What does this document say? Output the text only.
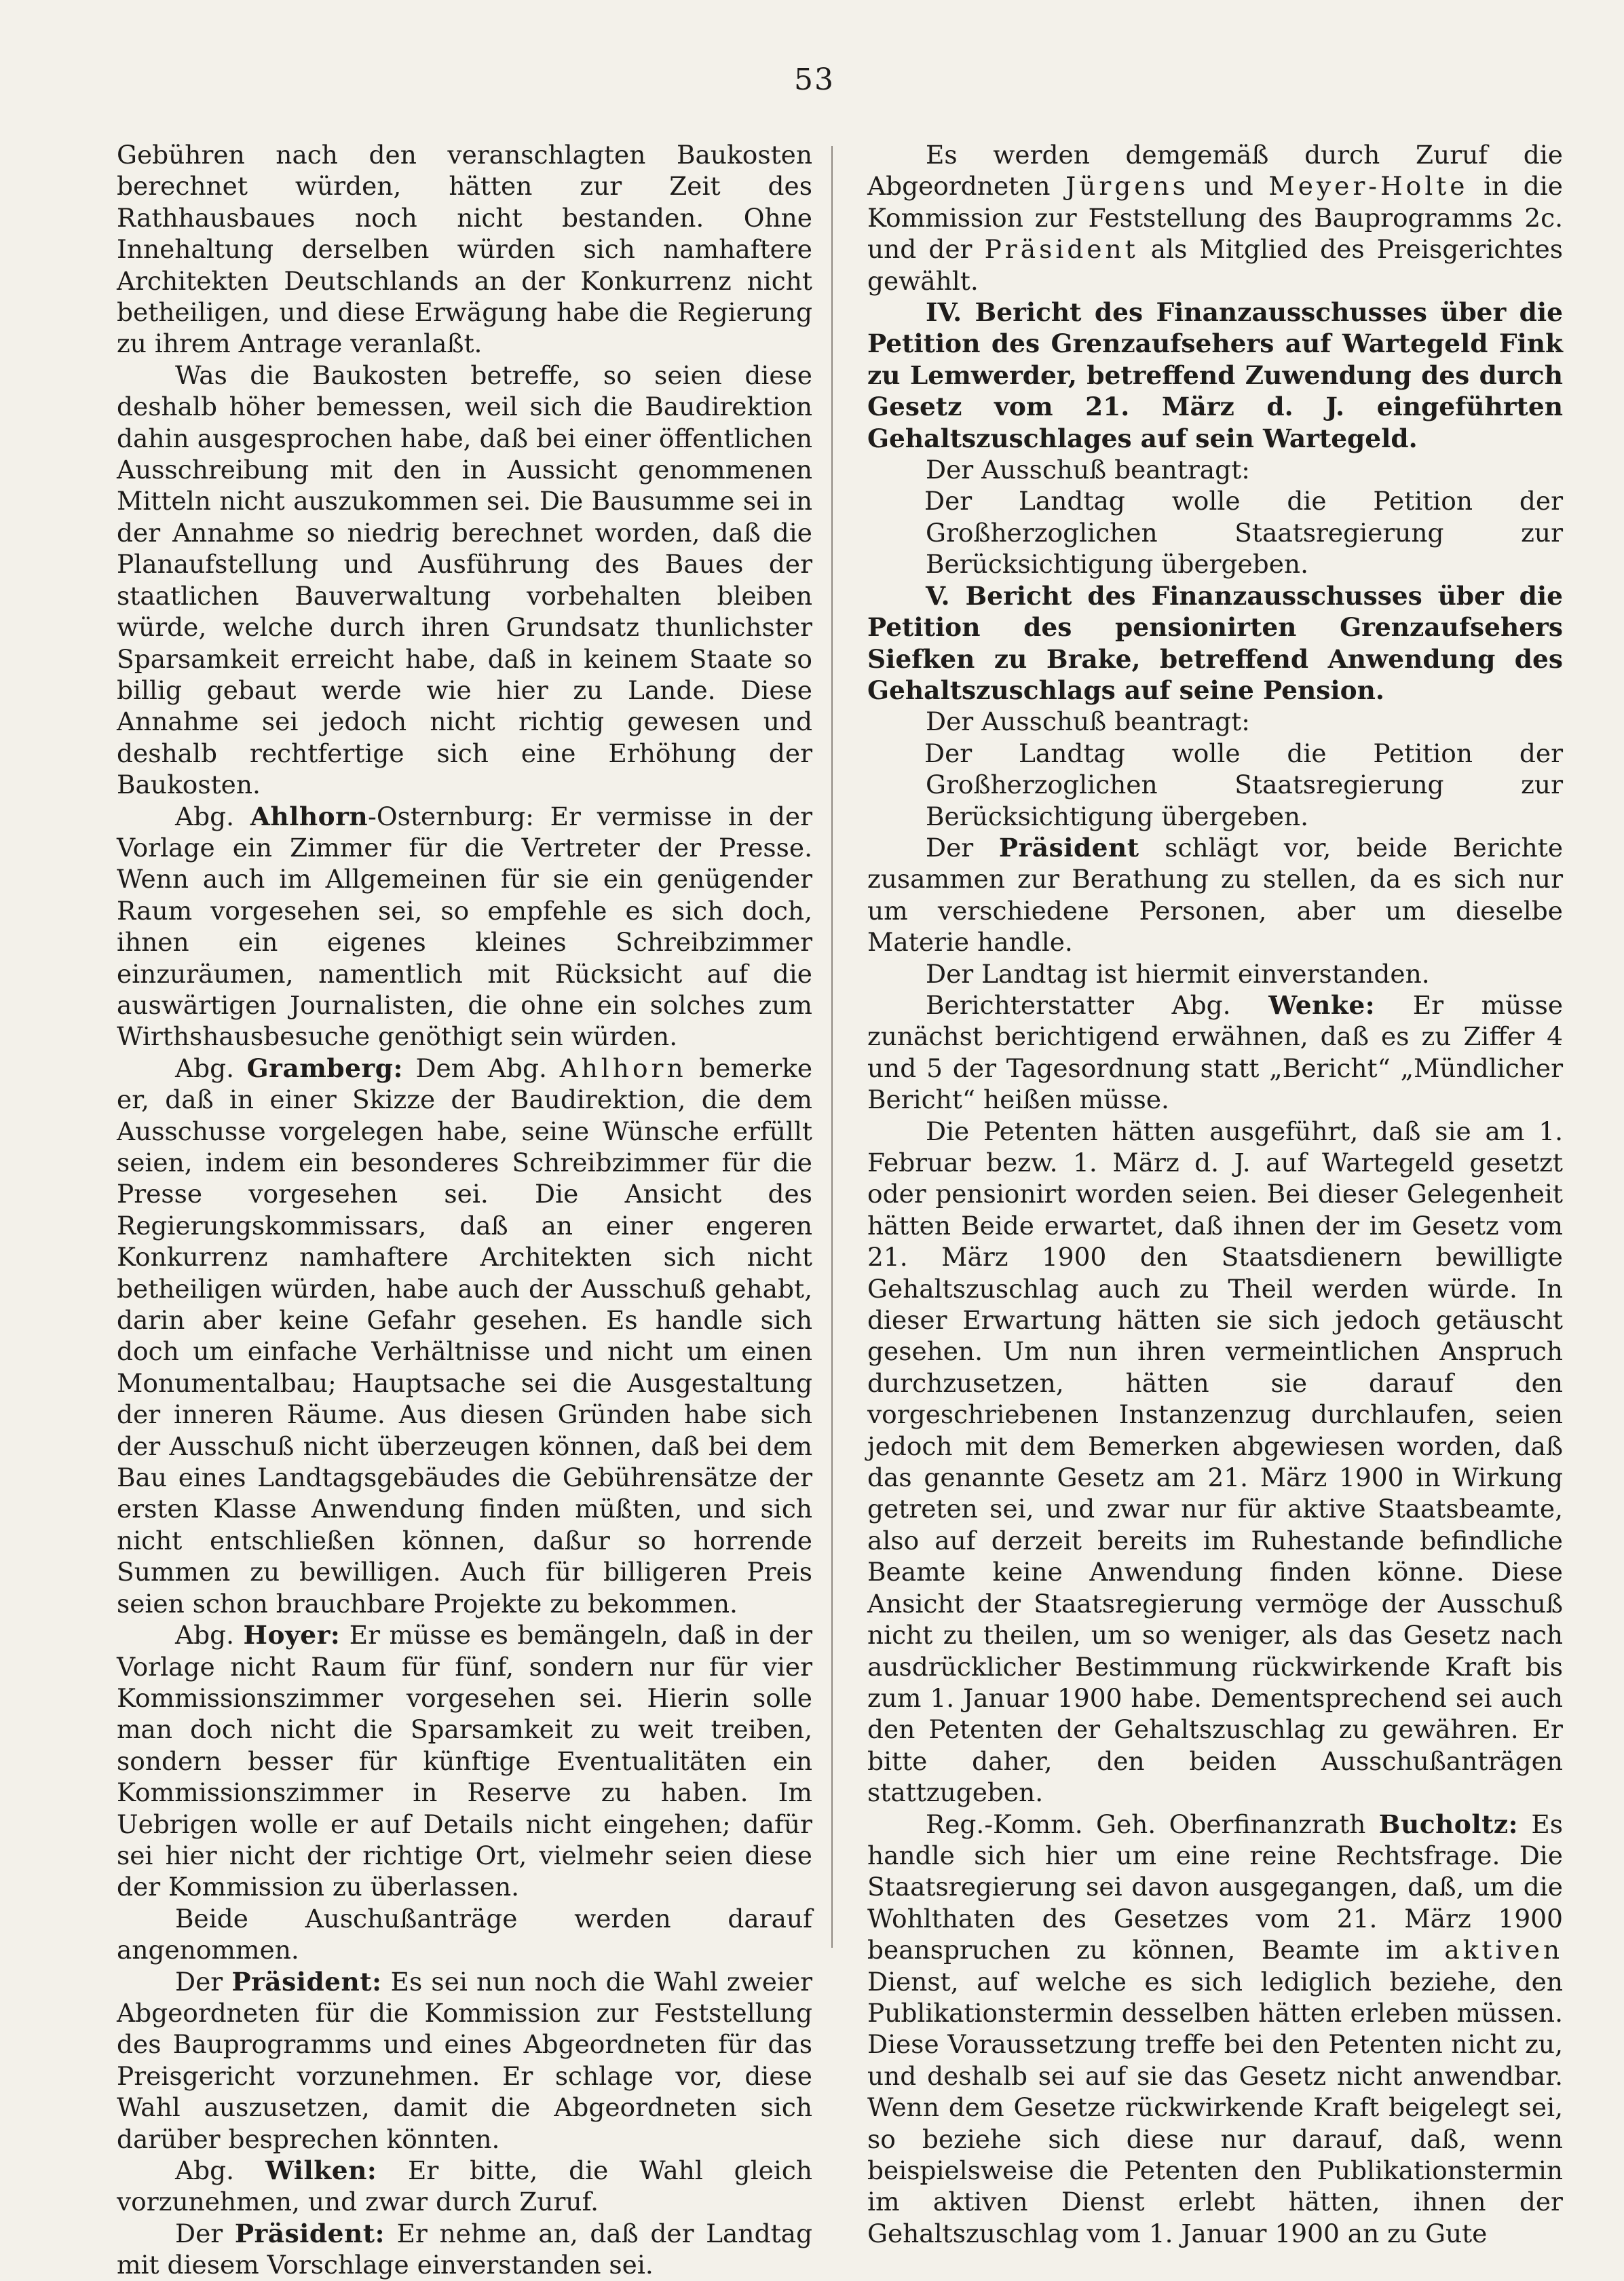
53

Gebühren nach den veranschlagten Baukosten berechnet würden, hätten zur Zeit des Rathhausbaues noch nicht bestanden. Ohne Innehaltung derselben würden sich namhaftere Architekten Deutschlands an der Konkurrenz nicht betheiligen, und diese Erwägung habe die Regierung zu ihrem Antrage veranlaßt.

Was die Baukosten betreffe, so seien diese deshalb höher bemessen, weil sich die Baudirektion dahin ausgesprochen habe, daß bei einer öffentlichen Ausschreibung mit den in Aussicht genommenen Mitteln nicht auszukommen sei. Die Bausumme sei in der Annahme so niedrig berechnet worden, daß die Planaufstellung und Ausführung des Baues der staatlichen Bauverwaltung vorbehalten bleiben würde, welche durch ihren Grundsatz thunlichster Sparsamkeit erreicht habe, daß in keinem Staate so billig gebaut werde wie hier zu Lande. Diese Annahme sei jedoch nicht richtig gewesen und deshalb rechtfertige sich eine Erhöhung der Baukosten.

Abg. Ahlhorn-Osternburg: Er vermisse in der Vorlage ein Zimmer für die Vertreter der Presse. Wenn auch im Allgemeinen für sie ein genügender Raum vorgesehen sei, so empfehle es sich doch, ihnen ein eigenes kleines Schreibzimmer einzuräumen, namentlich mit Rücksicht auf die auswärtigen Journalisten, die ohne ein solches zum Wirthshausbesuche genöthigt sein würden.

Abg. Gramberg: Dem Abg. Ahlhorn bemerke er, daß in einer Skizze der Baudirektion, die dem Ausschusse vorgelegen habe, seine Wünsche erfüllt seien, indem ein besonderes Schreibzimmer für die Presse vorgesehen sei. Die Ansicht des Regierungskommissars, daß an einer engeren Konkurrenz namhaftere Architekten sich nicht betheiligen würden, habe auch der Ausschuß gehabt, darin aber keine Gefahr gesehen. Es handle sich doch um einfache Verhältnisse und nicht um einen Monumentalbau; Hauptsache sei die Ausgestaltung der inneren Räume. Aus diesen Gründen habe sich der Ausschuß nicht überzeugen können, daß bei dem Bau eines Landtagsgebäudes die Gebührensätze der ersten Klasse Anwendung finden müßten, und sich nicht entschließen können, daßur so horrende Summen zu bewilligen. Auch für billigeren Preis seien schon brauchbare Projekte zu bekommen.

Abg. Hoyer: Er müsse es bemängeln, daß in der Vorlage nicht Raum für fünf, sondern nur für vier Kommissionszimmer vorgesehen sei. Hierin solle man doch nicht die Sparsamkeit zu weit treiben, sondern besser für künftige Eventualitäten ein Kommissionszimmer in Reserve zu haben. Im Uebrigen wolle er auf Details nicht eingehen; dafür sei hier nicht der richtige Ort, vielmehr seien diese der Kommission zu überlassen.

Beide Auschußanträge werden darauf angenommen.

Der Präsident: Es sei nun noch die Wahl zweier Abgeordneten für die Kommission zur Feststellung des Bauprogramms und eines Abgeordneten für das Preisgericht vorzunehmen. Er schlage vor, diese Wahl auszusetzen, damit die Abgeordneten sich darüber besprechen könnten.

Abg. Wilken: Er bitte, die Wahl gleich vorzunehmen, und zwar durch Zuruf.

Der Präsident: Er nehme an, daß der Landtag mit diesem Vorschlage einverstanden sei.

Es werden demgemäß durch Zuruf die Abgeordneten Jürgens und Meyer-Holte in die Kommission zur Feststellung des Bauprogramms 2c. und der Präsident als Mitglied des Preisgerichtes gewählt.

IV. Bericht des Finanzausschusses über die Petition des Grenzaufsehers auf Wartegeld Fink zu Lemwerder, betreffend Zuwendung des durch Gesetz vom 21. März d. J. eingeführten Gehaltszuschlages auf sein Wartegeld.

Der Ausschuß beantragt:

Der Landtag wolle die Petition der Großherzoglichen Staatsregierung zur Berücksichtigung übergeben.

V. Bericht des Finanzausschusses über die Petition des pensionirten Grenzaufsehers Siefken zu Brake, betreffend Anwendung des Gehaltszuschlags auf seine Pension.

Der Ausschuß beantragt:

Der Landtag wolle die Petition der Großherzoglichen Staatsregierung zur Berücksichtigung übergeben.

Der Präsident schlägt vor, beide Berichte zusammen zur Berathung zu stellen, da es sich nur um verschiedene Personen, aber um dieselbe Materie handle.

Der Landtag ist hiermit einverstanden.

Berichterstatter Abg. Wenke: Er müsse zunächst berichtigend erwähnen, daß es zu Ziffer 4 und 5 der Tagesordnung statt „Bericht“ „Mündlicher Bericht“ heißen müsse.

Die Petenten hätten ausgeführt, daß sie am 1. Februar bezw. 1. März d. J. auf Wartegeld gesetzt oder pensionirt worden seien. Bei dieser Gelegenheit hätten Beide erwartet, daß ihnen der im Gesetz vom 21. März 1900 den Staatsdienern bewilligte Gehaltszuschlag auch zu Theil werden würde. In dieser Erwartung hätten sie sich jedoch getäuscht gesehen. Um nun ihren vermeintlichen Anspruch durchzusetzen, hätten sie darauf den vorgeschriebenen Instanzenzug durchlaufen, seien jedoch mit dem Bemerken abgewiesen worden, daß das genannte Gesetz am 21. März 1900 in Wirkung getreten sei, und zwar nur für aktive Staatsbeamte, also auf derzeit bereits im Ruhestande befindliche Beamte keine Anwendung finden könne. Diese Ansicht der Staatsregierung vermöge der Ausschuß nicht zu theilen, um so weniger, als das Gesetz nach ausdrücklicher Bestimmung rückwirkende Kraft bis zum 1. Januar 1900 habe. Dementsprechend sei auch den Petenten der Gehaltszuschlag zu gewähren. Er bitte daher, den beiden Ausschußanträgen stattzugeben.

Reg.-Komm. Geh. Oberfinanzrath Bucholtz: Es handle sich hier um eine reine Rechtsfrage. Die Staatsregierung sei davon ausgegangen, daß, um die Wohlthaten des Gesetzes vom 21. März 1900 beanspruchen zu können, Beamte im aktiven Dienst, auf welche es sich lediglich beziehe, den Publikationstermin desselben hätten erleben müssen. Diese Voraussetzung treffe bei den Petenten nicht zu, und deshalb sei auf sie das Gesetz nicht anwendbar. Wenn dem Gesetze rückwirkende Kraft beigelegt sei, so beziehe sich diese nur darauf, daß, wenn beispielsweise die Petenten den Publikationstermin im aktiven Dienst erlebt hätten, ihnen der Gehaltszuschlag vom 1. Januar 1900 an zu Gute
